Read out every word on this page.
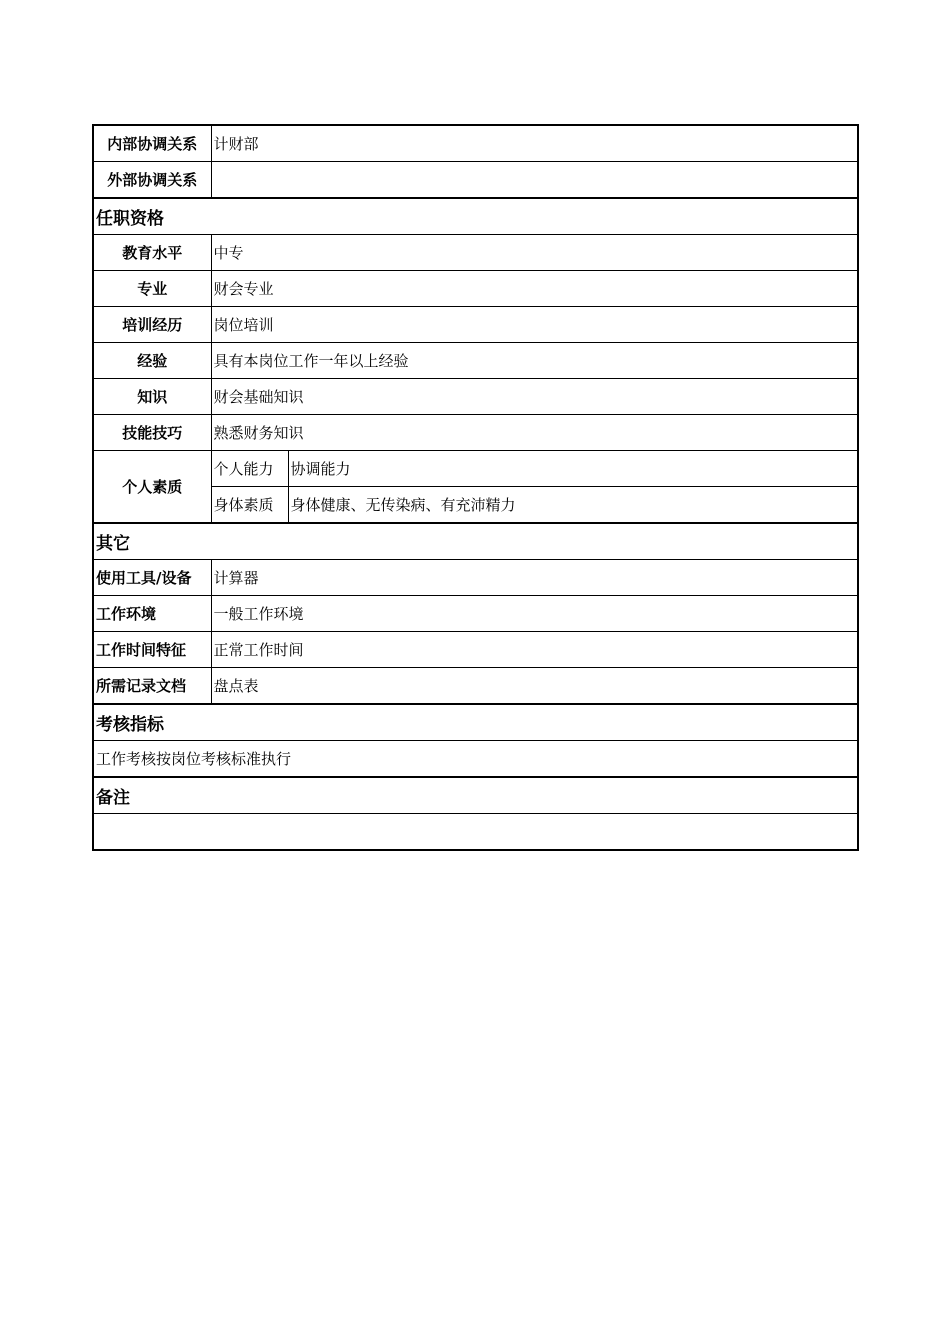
内部协调关系	计财部	
外部协调关系		
任职资格		
教育水平	中专	
专业	财会专业	
培训经历	岗位培训	
经验	具有本岗位工作一年以上经验	
知识	财会基础知识	
技能技巧	熟悉财务知识	
个人素质	个人能力	协调能力
	身体素质	身体健康、无传染病、有充沛精力
其它		
使用工具/设备	计算器	
工作环境	一般工作环境	
工作时间特征	正常工作时间	
所需记录文档	盘点表	
考核指标		
工作考核按岗位考核标准执行		
备注		
